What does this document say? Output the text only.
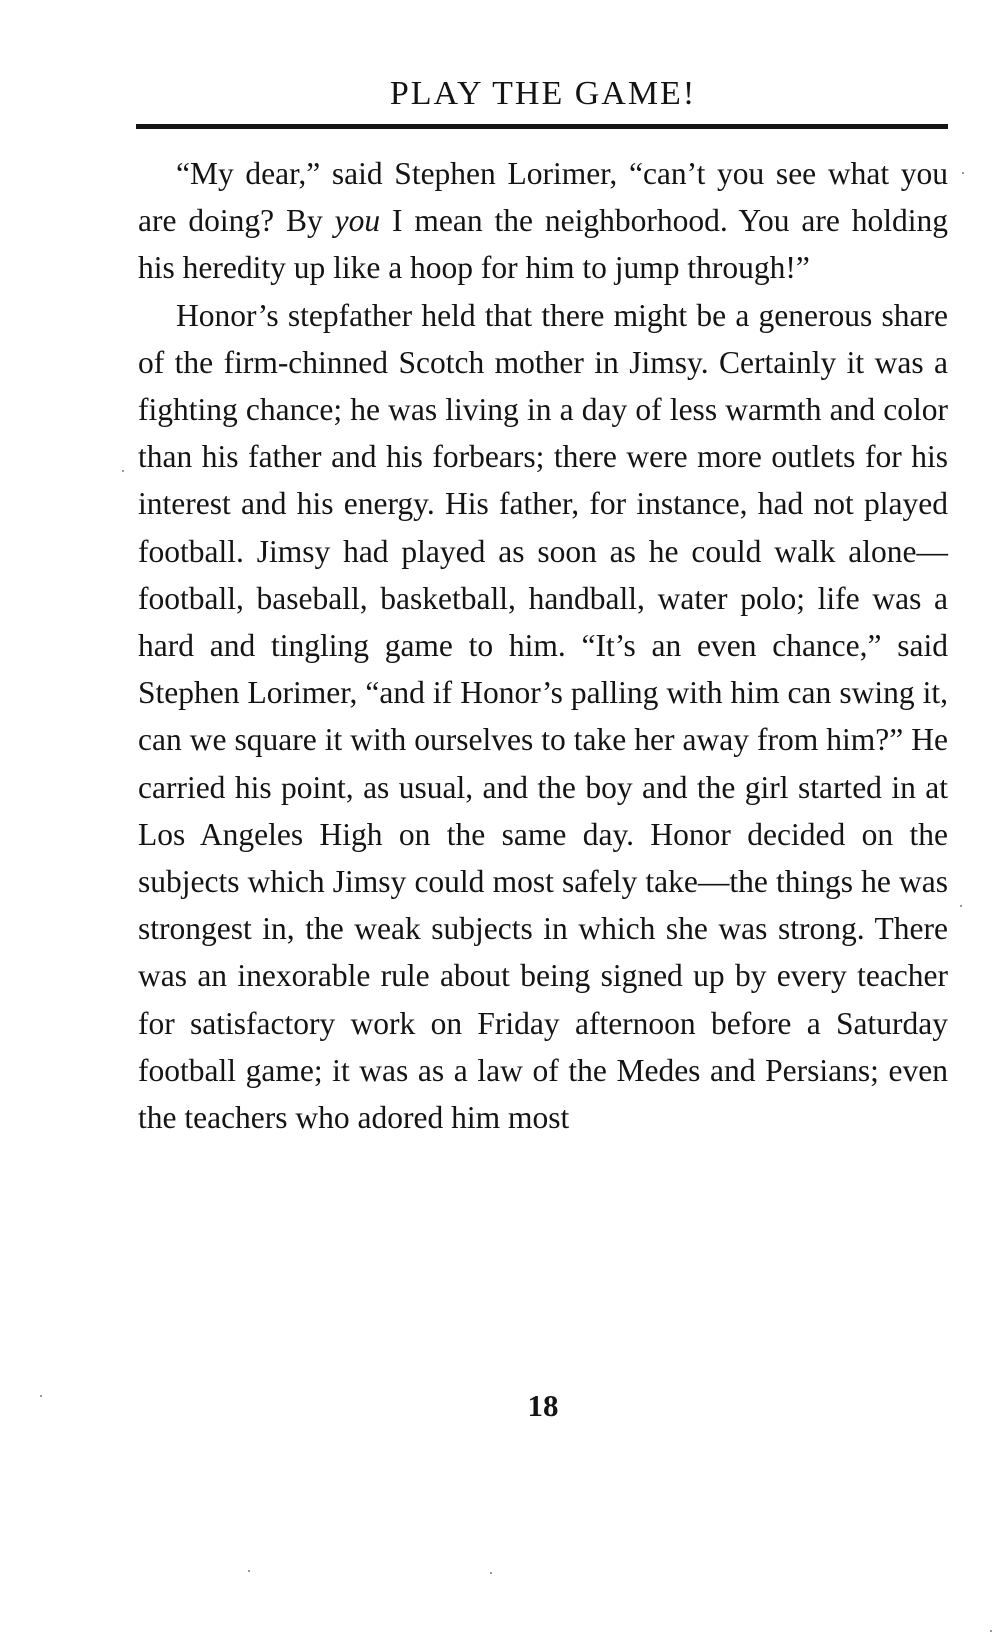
PLAY THE GAME!

“My dear,” said Stephen Lorimer, “can’t you see what you are doing? By you I mean the neighborhood. You are holding his heredity up like a hoop for him to jump through!”

Honor’s stepfather held that there might be a generous share of the firm-chinned Scotch mother in Jimsy. Certainly it was a fighting chance; he was living in a day of less warmth and color than his father and his forbears; there were more outlets for his interest and his energy. His father, for instance, had not played football. Jimsy had played as soon as he could walk alone—football, baseball, basketball, handball, water polo; life was a hard and tingling game to him. “It’s an even chance,” said Stephen Lorimer, “and if Honor’s palling with him can swing it, can we square it with ourselves to take her away from him?” He carried his point, as usual, and the boy and the girl started in at Los Angeles High on the same day. Honor decided on the subjects which Jimsy could most safely take—the things he was strongest in, the weak subjects in which she was strong. There was an inexorable rule about being signed up by every teacher for satisfactory work on Friday afternoon before a Saturday football game; it was as a law of the Medes and Persians; even the teachers who adored him most

18
